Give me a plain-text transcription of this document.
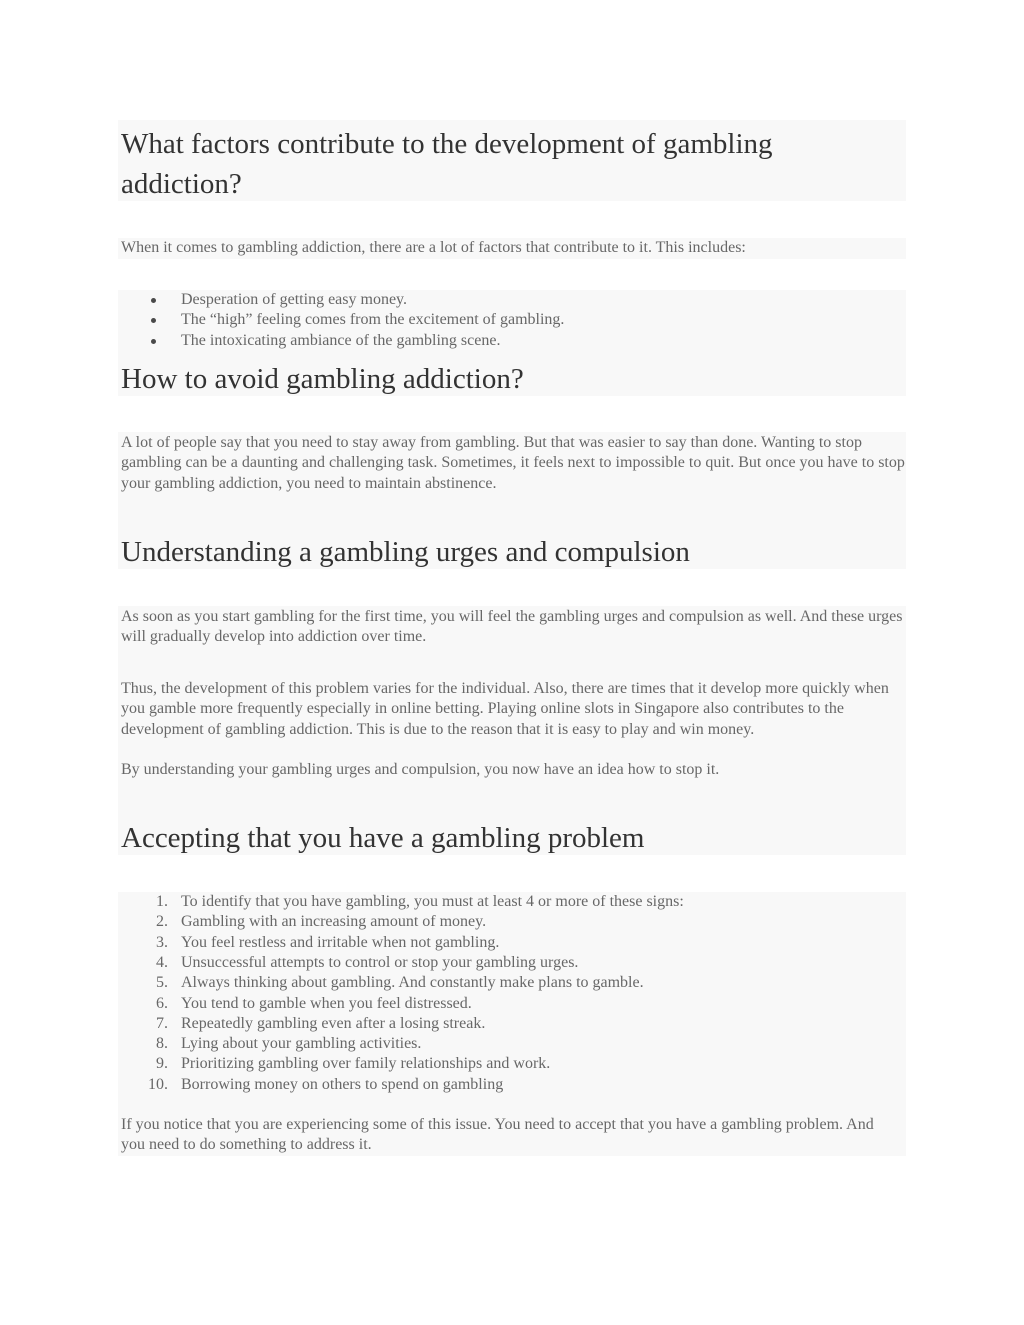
What factors contribute to the development of gambling addiction?

When it comes to gambling addiction, there are a lot of factors that contribute to it. This includes:

Desperation of getting easy money.
The “high” feeling comes from the excitement of gambling.
The intoxicating ambiance of the gambling scene.
How to avoid gambling addiction?

A lot of people say that you need to stay away from gambling. But that was easier to say than done. Wanting to stop gambling can be a daunting and challenging task. Sometimes, it feels next to impossible to quit. But once you have to stop your gambling addiction, you need to maintain abstinence.

Understanding a gambling urges and compulsion

As soon as you start gambling for the first time, you will feel the gambling urges and compulsion as well. And these urges will gradually develop into addiction over time.

Thus, the development of this problem varies for the individual. Also, there are times that it develop more quickly when you gamble more frequently especially in online betting. Playing online slots in Singapore also contributes to the development of gambling addiction. This is due to the reason that it is easy to play and win money.

By understanding your gambling urges and compulsion, you now have an idea how to stop it.

Accepting that you have a gambling problem
1. To identify that you have gambling, you must at least 4 or more of these signs:
2. Gambling with an increasing amount of money.
3. You feel restless and irritable when not gambling.
4. Unsuccessful attempts to control or stop your gambling urges.
5. Always thinking about gambling. And constantly make plans to gamble.
6. You tend to gamble when you feel distressed.
7. Repeatedly gambling even after a losing streak.
8. Lying about your gambling activities.
9. Prioritizing gambling over family relationships and work.
10. Borrowing money on others to spend on gambling

If you notice that you are experiencing some of this issue. You need to accept that you have a gambling problem. And you need to do something to address it.
